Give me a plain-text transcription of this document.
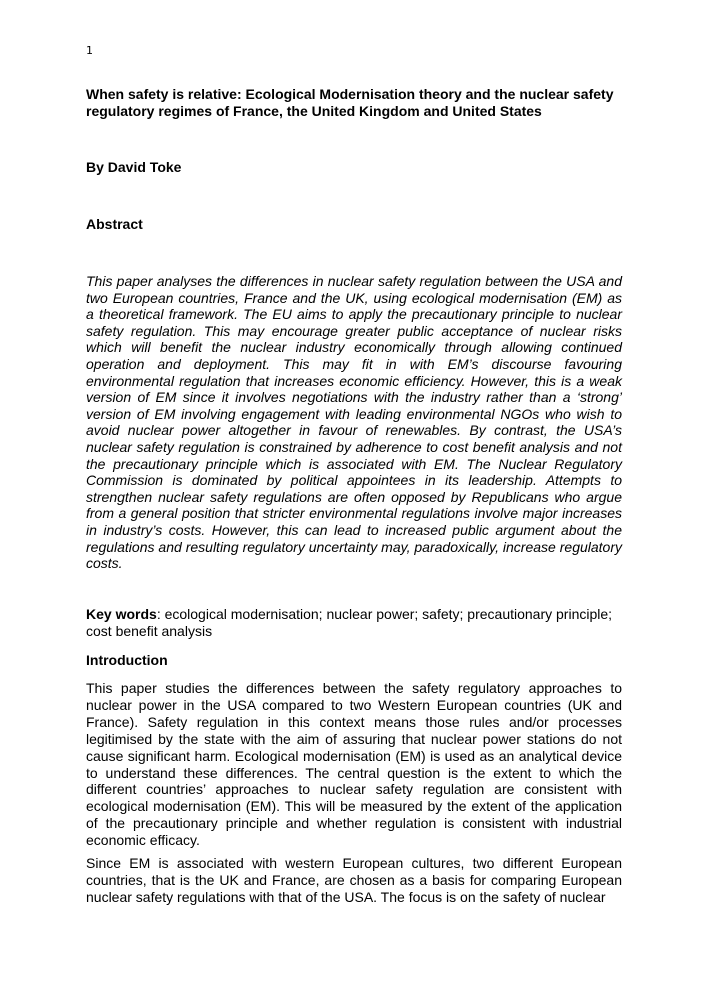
1

When safety is relative: Ecological Modernisation theory and the nuclear safety regulatory regimes of France, the United Kingdom and United States

By David Toke

Abstract

This paper analyses the differences in nuclear safety regulation between the USA and two European countries, France and the UK, using ecological modernisation (EM) as a theoretical framework. The EU aims to apply the precautionary principle to nuclear safety regulation. This may encourage greater public acceptance of nuclear risks which will benefit the nuclear industry economically through allowing continued operation and deployment. This may fit in with EM’s discourse favouring environmental regulation that increases economic efficiency. However, this is a weak version of EM since it involves negotiations with the industry rather than a ‘strong’ version of EM involving engagement with leading environmental NGOs who wish to avoid nuclear power altogether in favour of renewables. By contrast, the USA’s nuclear safety regulation is constrained by adherence to cost benefit analysis and not the precautionary principle which is associated with EM. The Nuclear Regulatory Commission is dominated by political appointees in its leadership. Attempts to strengthen nuclear safety regulations are often opposed by Republicans who argue from a general position that stricter environmental regulations involve major increases in industry’s costs. However, this can lead to increased public argument about the regulations and resulting regulatory uncertainty may, paradoxically, increase regulatory costs.

Key words: ecological modernisation; nuclear power; safety; precautionary principle; cost benefit analysis

Introduction

This paper studies the differences between the safety regulatory approaches to nuclear power in the USA compared to two Western European countries (UK and France). Safety regulation in this context means those rules and/or processes legitimised by the state with the aim of assuring that nuclear power stations do not cause significant harm. Ecological modernisation (EM) is used as an analytical device to understand these differences. The central question is the extent to which the different countries’ approaches to nuclear safety regulation are consistent with ecological modernisation (EM). This will be measured by the extent of the application of the precautionary principle and whether regulation is consistent with industrial economic efficacy.

Since EM is associated with western European cultures, two different European countries, that is the UK and France, are chosen as a basis for comparing European nuclear safety regulations with that of the USA. The focus is on the safety of nuclear
